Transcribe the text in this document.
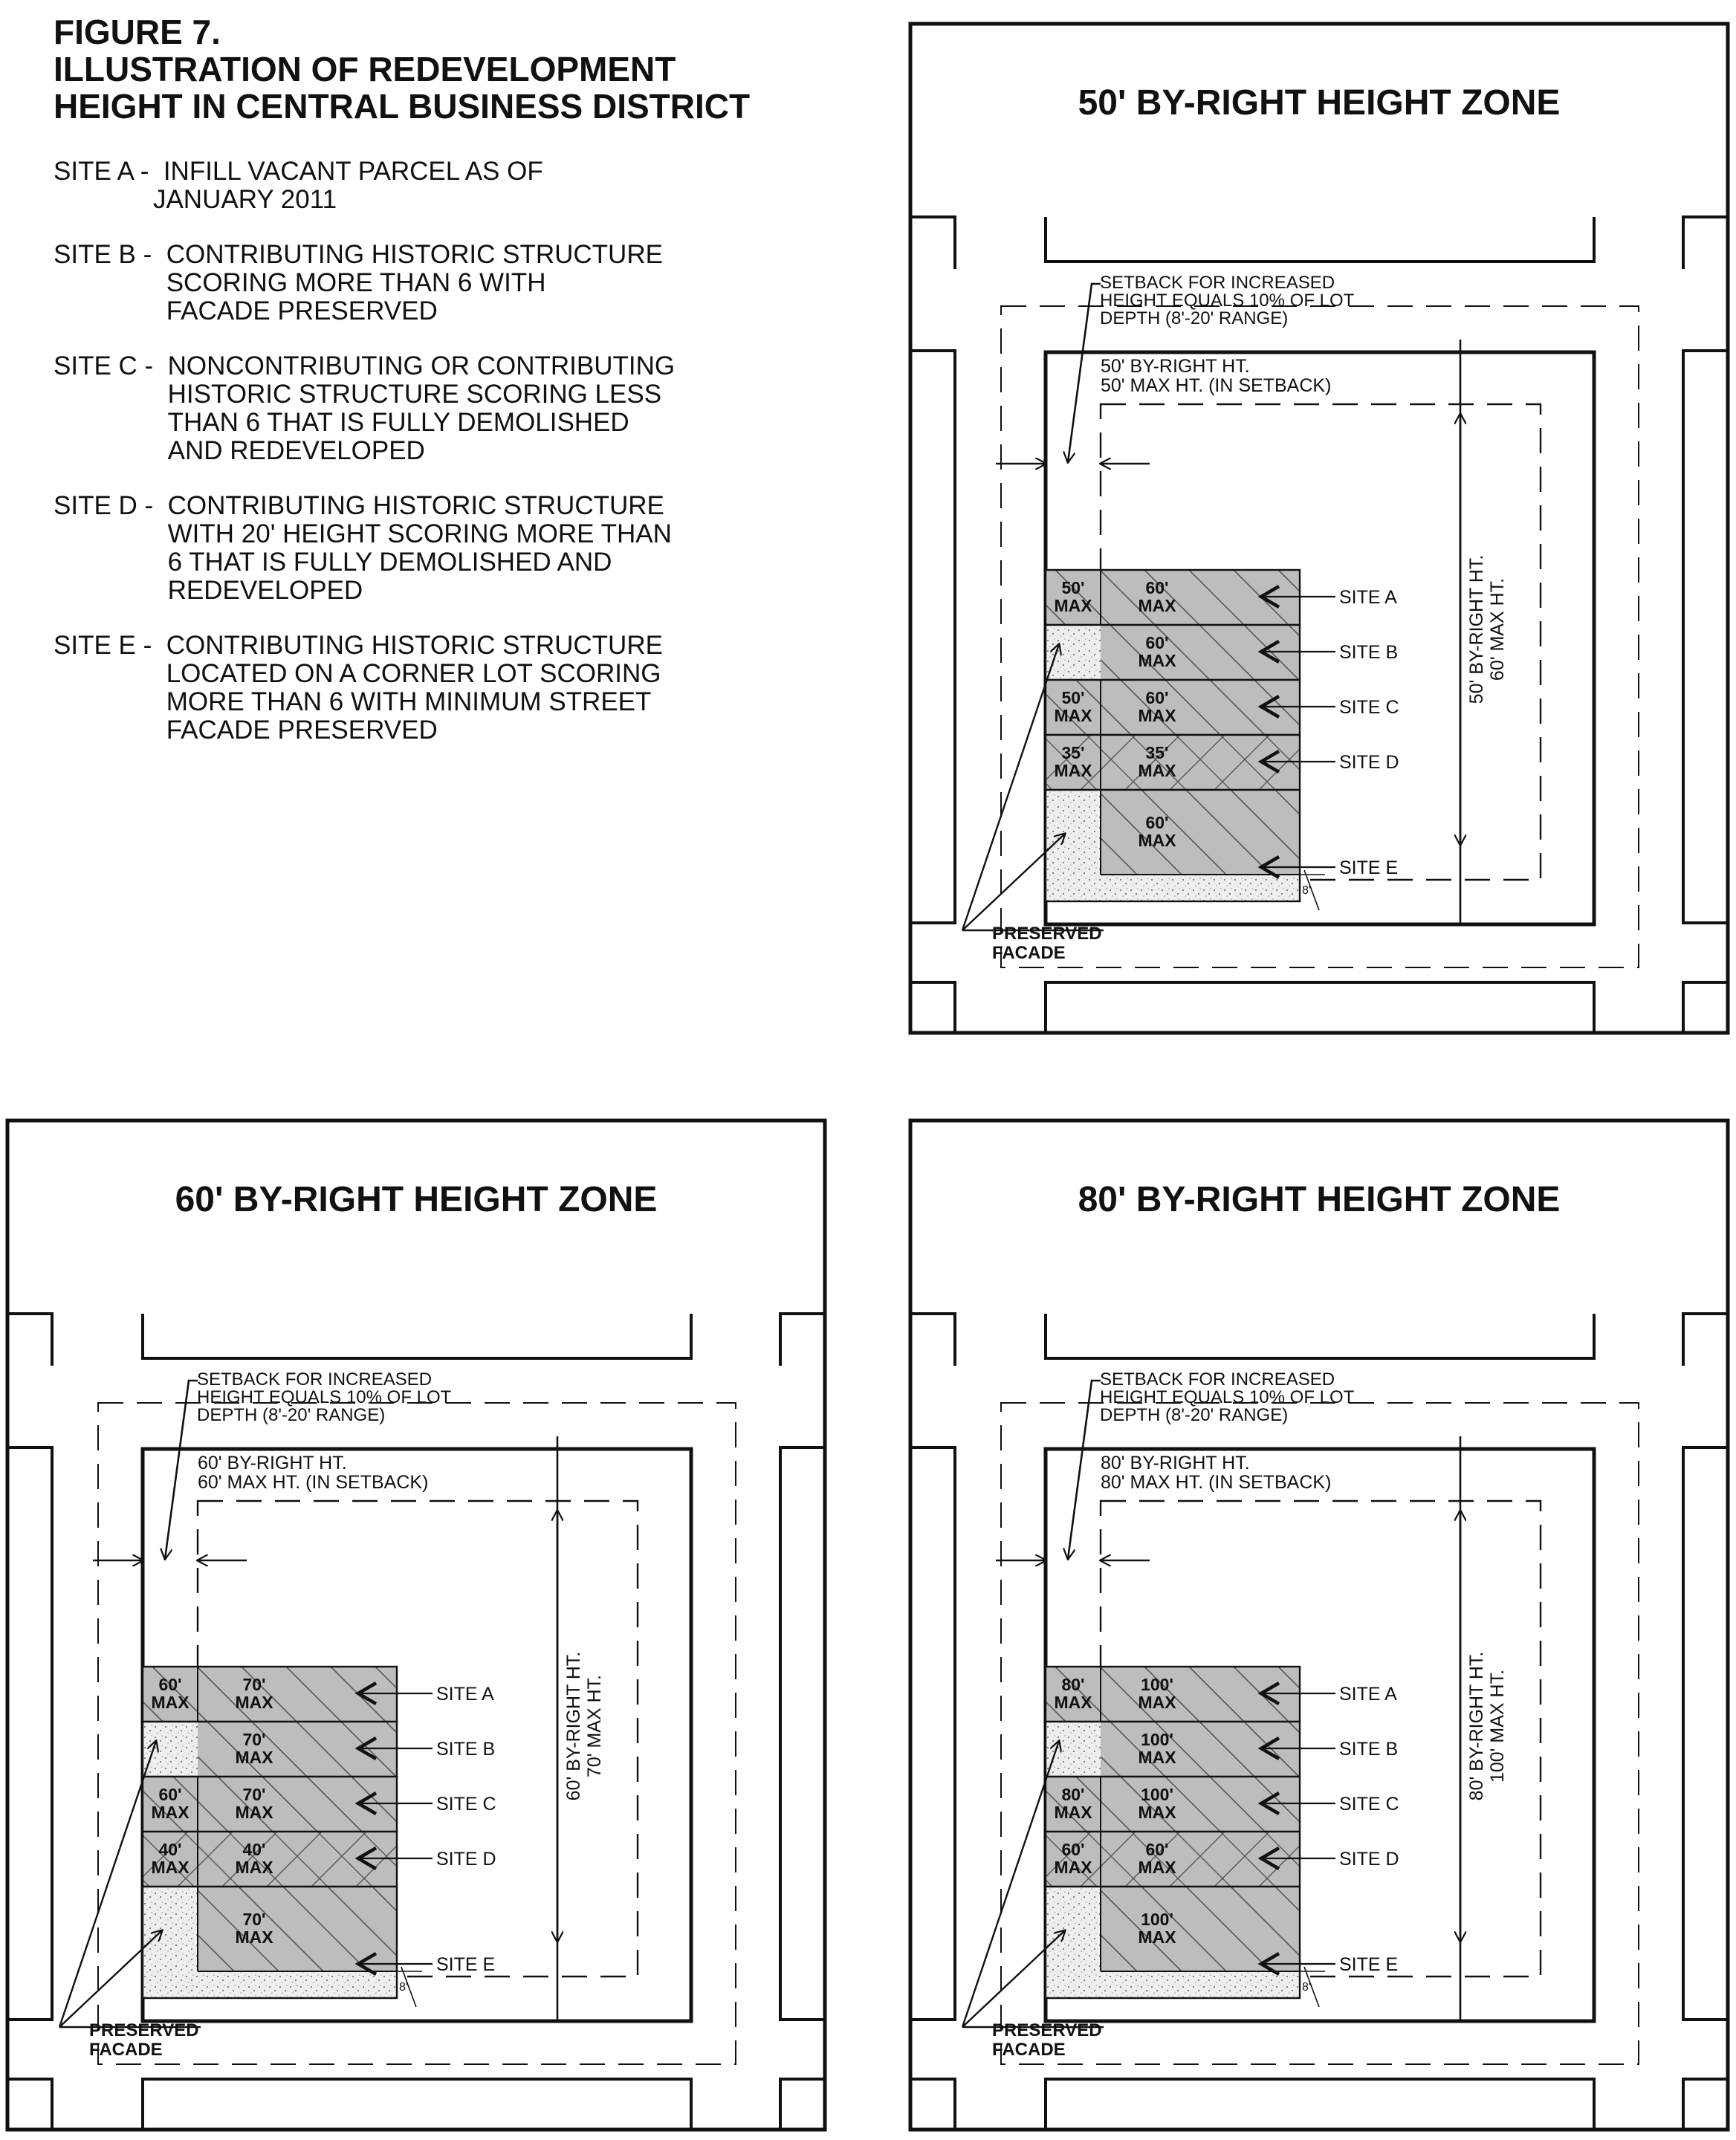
FIGURE 7.
ILLUSTRATION OF REDEVELOPMENT
HEIGHT IN CENTRAL BUSINESS DISTRICT
SITE A - INFILL VACANT PARCEL AS OF
JANUARY 2011
SITE B - CONTRIBUTING HISTORIC STRUCTURE
SCORING MORE THAN 6 WITH
FACADE PRESERVED
SITE C - NONCONTRIBUTING OR CONTRIBUTING
HISTORIC STRUCTURE SCORING LESS
THAN 6 THAT IS FULLY DEMOLISHED
AND REDEVELOPED
SITE D - CONTRIBUTING HISTORIC STRUCTURE
WITH 20' HEIGHT SCORING MORE THAN
6 THAT IS FULLY DEMOLISHED AND
REDEVELOPED
SITE E - CONTRIBUTING HISTORIC STRUCTURE
LOCATED ON A CORNER LOT SCORING
MORE THAN 6 WITH MINIMUM STREET
FACADE PRESERVED
50' BY-RIGHT HEIGHT ZONE
SETBACK FOR INCREASED
HEIGHT EQUALS 10% OF LOT
DEPTH (8'-20' RANGE)
50' BY-RIGHT HT.
50' MAX HT. (IN SETBACK)
50' BY-RIGHT HT. 60' MAX HT.
50'
MAX
60'
MAX	SITE A
60'
MAX	SITE B
50'
MAX
60'
MAX	SITE C
35'
MAX
35'
MAX	SITE D
60'
MAX
SITE E
8'
PRESERVED
FACADE
60' BY-RIGHT HEIGHT ZONE
SETBACK FOR INCREASED
HEIGHT EQUALS 10% OF LOT
DEPTH (8'-20' RANGE)
60' BY-RIGHT HT.
60' MAX HT. (IN SETBACK)
60' BY-RIGHT HT. 70' MAX HT.
60'
MAX
70'
MAX	SITE A
70'
MAX	SITE B
60'
MAX
70'
MAX	SITE C
40'
MAX
40'
MAX	SITE D
70'
MAX
SITE E
8'
PRESERVED
FACADE
80' BY-RIGHT HEIGHT ZONE
SETBACK FOR INCREASED
HEIGHT EQUALS 10% OF LOT
DEPTH (8'-20' RANGE)
80' BY-RIGHT HT.
80' MAX HT. (IN SETBACK)
80' BY-RIGHT HT. 100' MAX HT.
80'
MAX
100'
MAX	SITE A
100'
MAX	SITE B
80'
MAX
100'
MAX	SITE C
60'
MAX
60'
MAX	SITE D
100'
MAX
SITE E
8'
PRESERVED
FACADE
